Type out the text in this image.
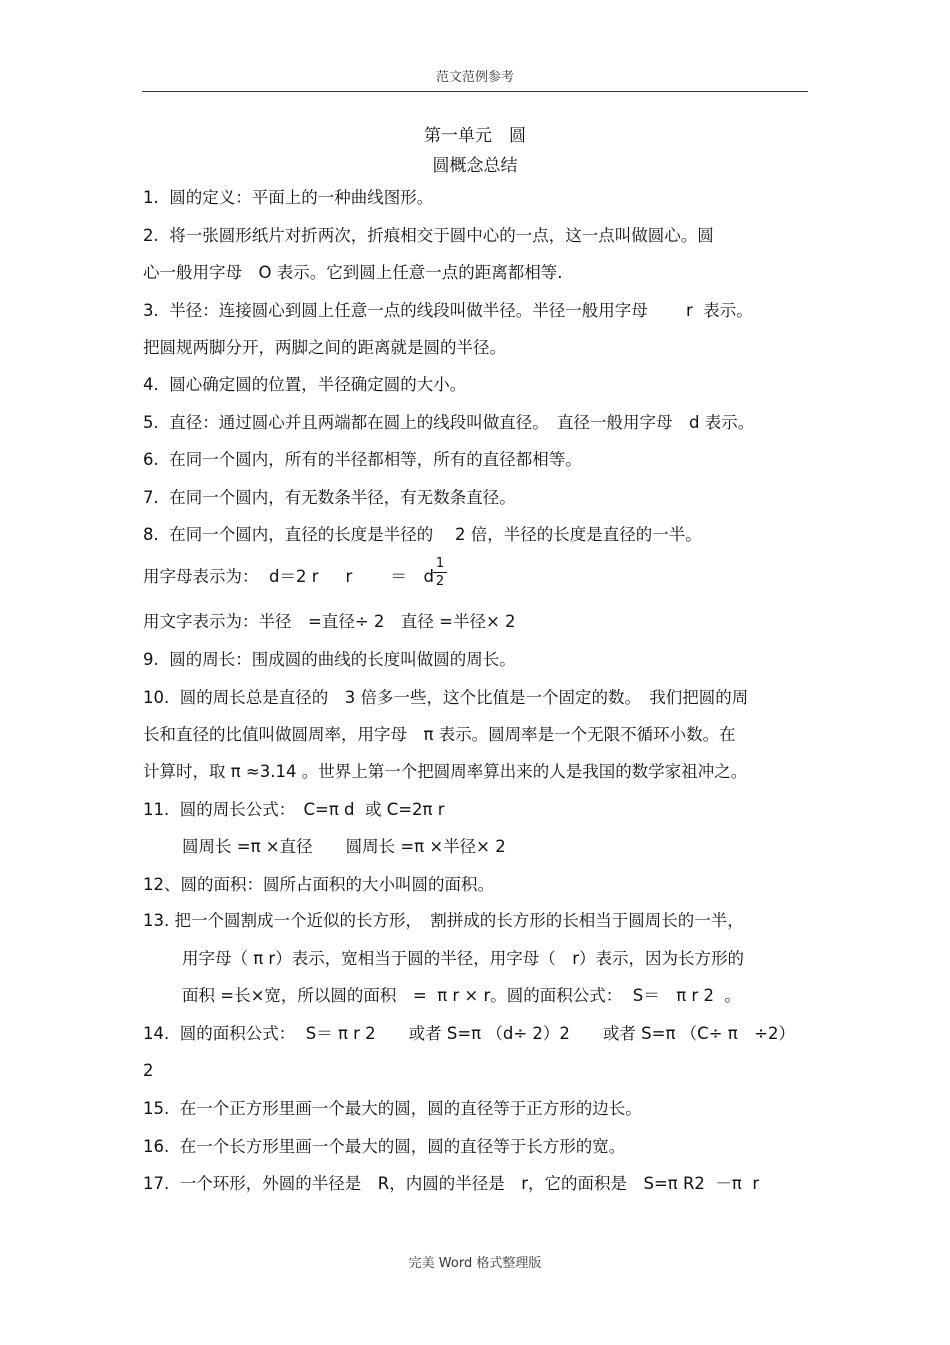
范文范例参考
第一单元　圆
圆概念总结
1.  圆的定义：平面上的一种曲线图形。
2.  将一张圆形纸片对折两次，折痕相交于圆中心的一点，这一点叫做圆心。圆
心一般用字母　O 表示。它到圆上任意一点的距离都相等.
3.  半径：连接圆心到圆上任意一点的线段叫做半径。半径一般用字母　　 r  表示。
把圆规两脚分开，两脚之间的距离就是圆的半径。
4.  圆心确定圆的位置，半径确定圆的大小。
5.  直径：通过圆心并且两端都在圆上的线段叫做直径。　直径一般用字母　d 表示。
6.  在同一个圆内，所有的半径都相等，所有的直径都相等。
7.  在同一个圆内，有无数条半径，有无数条直径。
8.  在同一个圆内，直径的长度是半径的　 2 倍，半径的长度是直径的一半。
用字母表示为：  d＝2 r　  r　　 ＝　d
1
2
用文字表示为：半径　=直径÷ 2　直径 =半径× 2
9.  圆的周长：围成圆的曲线的长度叫做圆的周长。
10.  圆的周长总是直径的　3 倍多一些，这个比值是一个固定的数。　我们把圆的周
长和直径的比值叫做圆周率，用字母　π 表示。圆周率是一个无限不循环小数。在
计算时，取 π ≈3.14 。世界上第一个把圆周率算出来的人是我国的数学家祖冲之。
11.  圆的周长公式：　C=π d  或 C=2π r
圆周长 =π ×直径　　圆周长 =π ×半径× 2
12、圆的面积：圆所占面积的大小叫圆的面积。
13. 把一个圆割成一个近似的长方形，　割拼成的长方形的长相当于圆周长的一半，
用字母（ π r）表示，宽相当于圆的半径，用字母（　r）表示，因为长方形的
面积 =长×宽，所以圆的面积　=  π r × r。圆的面积公式：  S＝　π r 2  。
14.  圆的面积公式：  S＝ π r 2　　或者 S=π （d÷ 2）2　　或者 S=π （C÷ π　÷2）
2
15.  在一个正方形里画一个最大的圆，圆的直径等于正方形的边长。
16.  在一个长方形里画一个最大的圆，圆的直径等于长方形的宽。
17.  一个环形，外圆的半径是　R，内圆的半径是　r，它的面积是　S=π R2  －π  r
完美 Word 格式整理版
